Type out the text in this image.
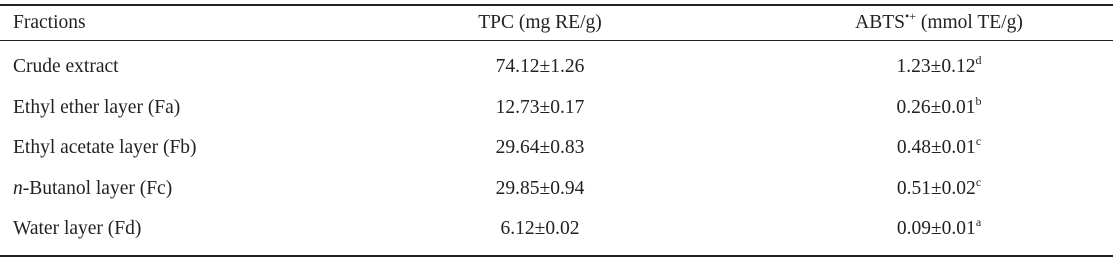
Fractions	TPC (mg RE/g)	ABTS•+ (mmol TE/g)
Crude extract	74.12±1.26	1.23±0.12$^d$
Ethyl ether layer (Fa)	12.73±0.17	0.26±0.01$^b$
Ethyl acetate layer (Fb)	29.64±0.83	0.48±0.01$^c$
n-Butanol layer (Fc)	29.85±0.94	0.51±0.02$^c$
Water layer (Fd)	6.12±0.02	0.09±0.01$^a$
